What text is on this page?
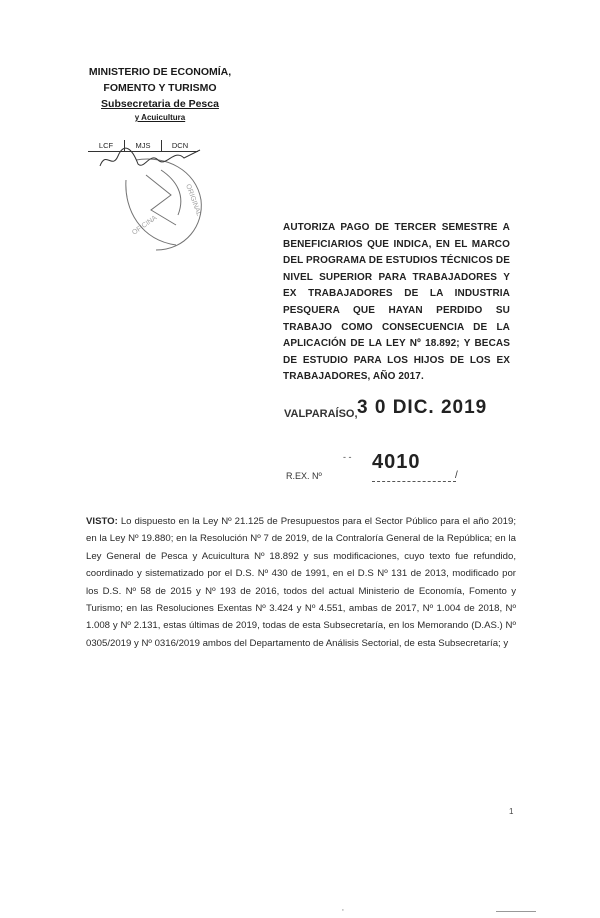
MINISTERIO DE ECONOMÍA,
FOMENTO Y TURISMO
Subsecretaria de Pesca
y Acuicultura
LCF	MJS	DCN
ORIGINAL
OFICINA	AUTORIZA PAGO DE TERCER SEMESTRE A BENEFICIARIOS QUE INDICA, EN EL MARCO DEL PROGRAMA DE ESTUDIOS TÉCNICOS DE NIVEL SUPERIOR PARA TRABAJADORES Y EX TRABAJADORES DE LA INDUSTRIA PESQUERA QUE HAYAN PERDIDO SU TRABAJO COMO CONSECUENCIA DE LA APLICACIÓN DE LA LEY Nº 18.892; Y BECAS DE ESTUDIO PARA LOS HIJOS DE LOS EX TRABAJADORES, AÑO 2017.
VALPARAÍSO, 3 0 DIC. 2019
- -
R.EX. Nº
4010
/
VISTO: Lo dispuesto en la Ley Nº 21.125 de Presupuestos para el Sector Público para el año 2019; en la Ley Nº 19.880; en la Resolución Nº 7 de 2019, de la Contraloría General de la República; en la Ley General de Pesca y Acuicultura Nº 18.892 y sus modificaciones, cuyo texto fue refundido, coordinado y sistematizado por el D.S. Nº 430 de 1991, en el D.S Nº 131 de 2013, modificado por los D.S. Nº 58 de 2015 y Nº 193 de 2016, todos del actual Ministerio de Economía, Fomento y Turismo; en las Resoluciones Exentas Nº 3.424 y Nº 4.551, ambas de 2017, Nº 1.004 de 2018, Nº 1.008 y Nº 2.131, estas últimas de 2019, todas de esta Subsecretaría, en los Memorando (D.AS.) Nº 0305/2019 y Nº 0316/2019 ambos del Departamento de Análisis Sectorial, de esta Subsecretaría; y
1
‚
